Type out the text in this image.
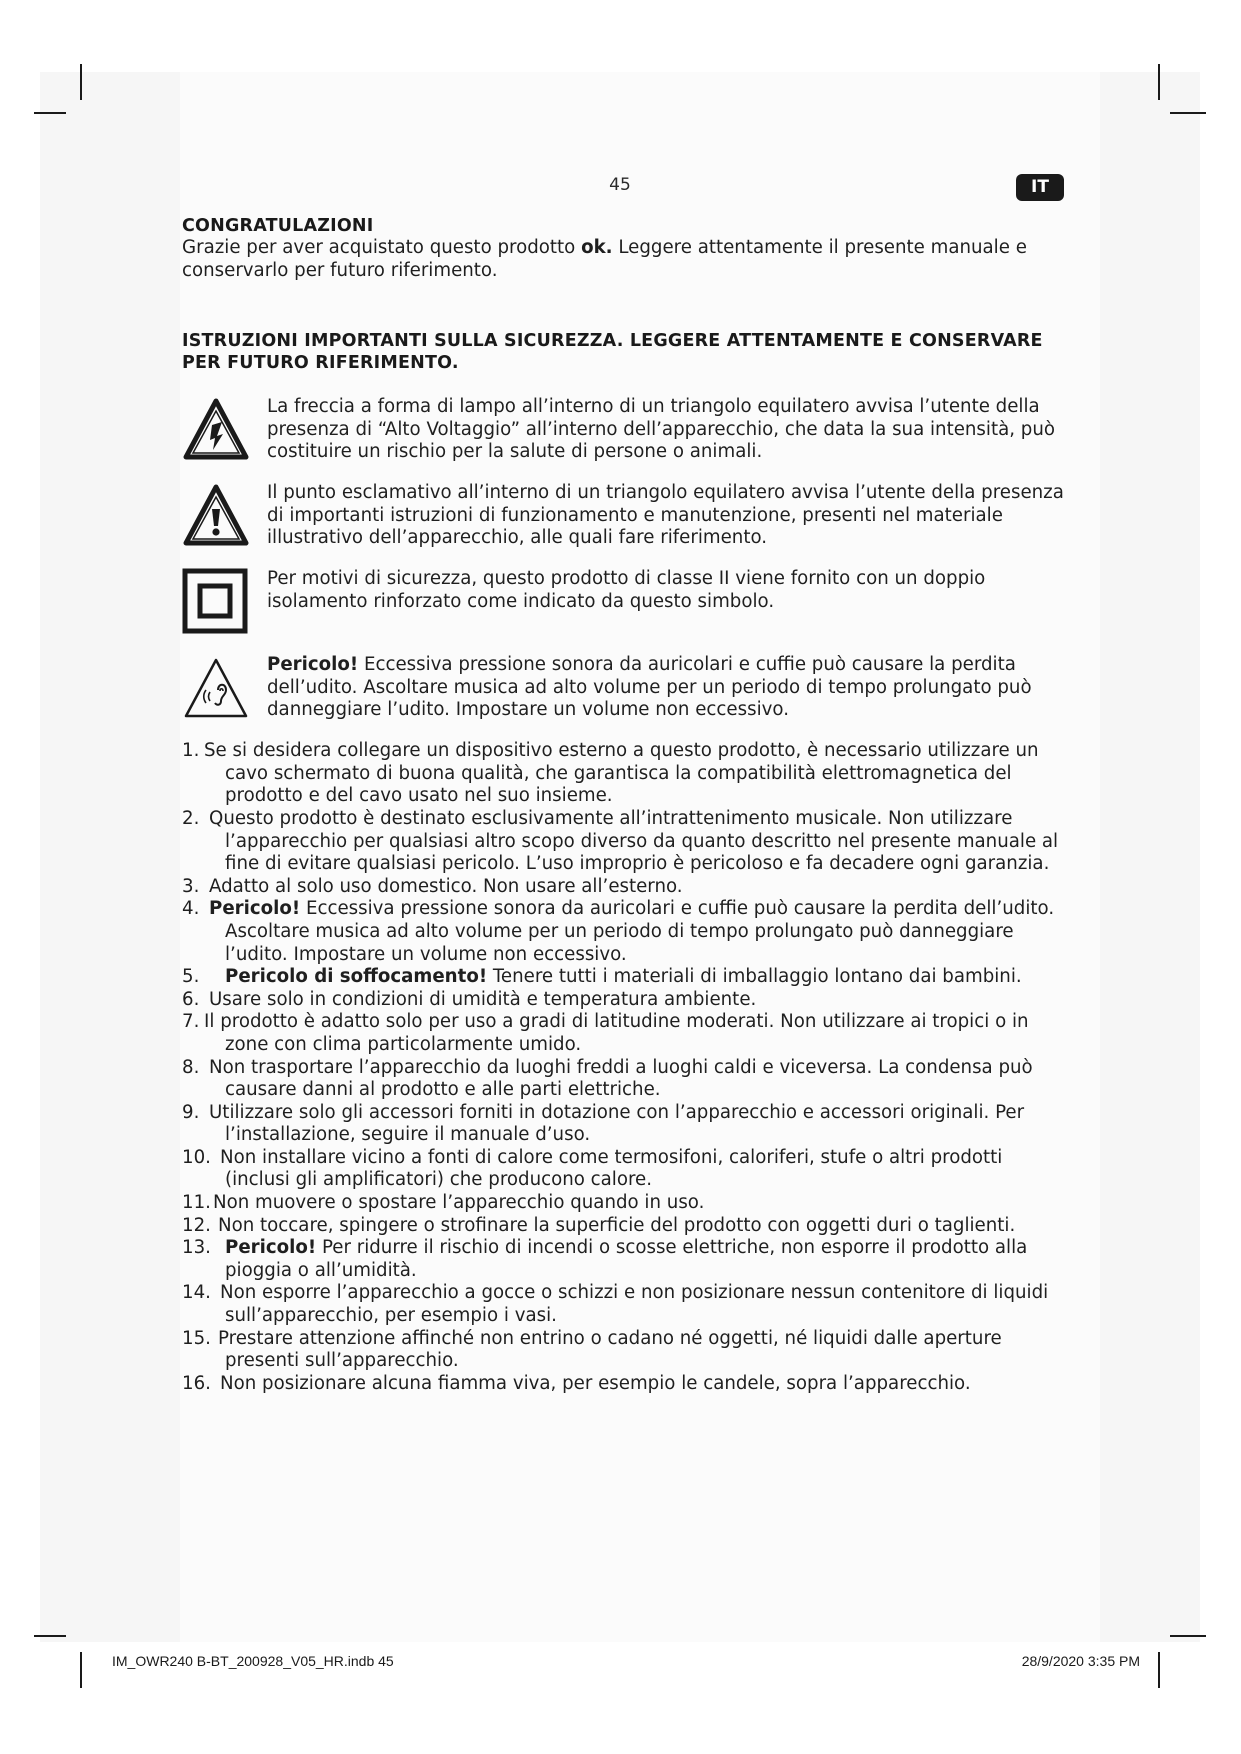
45	IT
CONGRATULAZIONI
Grazie per aver acquistato questo prodotto ok. Leggere attentamente il presente manuale e conservarlo per futuro riferimento.
ISTRUZIONI IMPORTANTI SULLA SICUREZZA. LEGGERE ATTENTAMENTE E CONSERVARE PER FUTURO RIFERIMENTO.
La freccia a forma di lampo all’interno di un triangolo equilatero avvisa l’utente della presenza di “Alto Voltaggio” all’interno dell’apparecchio, che data la sua intensità, può costituire un rischio per la salute di persone o animali.
Il punto esclamativo all’interno di un triangolo equilatero avvisa l’utente della presenza di importanti istruzioni di funzionamento e manutenzione, presenti nel materiale illustrativo dell’apparecchio, alle quali fare riferimento.
Per motivi di sicurezza, questo prodotto di classe II viene fornito con un doppio isolamento rinforzato come indicato da questo simbolo.
Pericolo! Eccessiva pressione sonora da auricolari e cuffie può causare la perdita dell’udito. Ascoltare musica ad alto volume per un periodo di tempo prolungato può danneggiare l’udito. Impostare un volume non eccessivo.
1. Se si desidera collegare un dispositivo esterno a questo prodotto, è necessario utilizzare un cavo schermato di buona qualità, che garantisca la compatibilità elettromagnetica del prodotto e del cavo usato nel suo insieme.
2. Questo prodotto è destinato esclusivamente all’intrattenimento musicale. Non utilizzare l’apparecchio per qualsiasi altro scopo diverso da quanto descritto nel presente manuale al fine di evitare qualsiasi pericolo. L’uso improprio è pericoloso e fa decadere ogni garanzia.
3. Adatto al solo uso domestico. Non usare all’esterno.
4. Pericolo! Eccessiva pressione sonora da auricolari e cuffie può causare la perdita dell’udito. Ascoltare musica ad alto volume per un periodo di tempo prolungato può danneggiare l’udito. Impostare un volume non eccessivo.
5. Pericolo di soffocamento! Tenere tutti i materiali di imballaggio lontano dai bambini.
6. Usare solo in condizioni di umidità e temperatura ambiente.
7. Il prodotto è adatto solo per uso a gradi di latitudine moderati. Non utilizzare ai tropici o in zone con clima particolarmente umido.
8. Non trasportare l’apparecchio da luoghi freddi a luoghi caldi e viceversa. La condensa può causare danni al prodotto e alle parti elettriche.
9. Utilizzare solo gli accessori forniti in dotazione con l’apparecchio e accessori originali. Per l’installazione, seguire il manuale d’uso.
10. Non installare vicino a fonti di calore come termosifoni, caloriferi, stufe o altri prodotti (inclusi gli amplificatori) che producono calore.
11. Non muovere o spostare l’apparecchio quando in uso.
12. Non toccare, spingere o strofinare la superficie del prodotto con oggetti duri o taglienti.
13. Pericolo! Per ridurre il rischio di incendi o scosse elettriche, non esporre il prodotto alla pioggia o all’umidità.
14. Non esporre l’apparecchio a gocce o schizzi e non posizionare nessun contenitore di liquidi sull’apparecchio, per esempio i vasi.
15. Prestare attenzione affinché non entrino o cadano né oggetti, né liquidi dalle aperture presenti sull’apparecchio.
16. Non posizionare alcuna fiamma viva, per esempio le candele, sopra l’apparecchio.
IM_OWR240 B-BT_200928_V05_HR.indb 45	28/9/2020 3:35 PM
